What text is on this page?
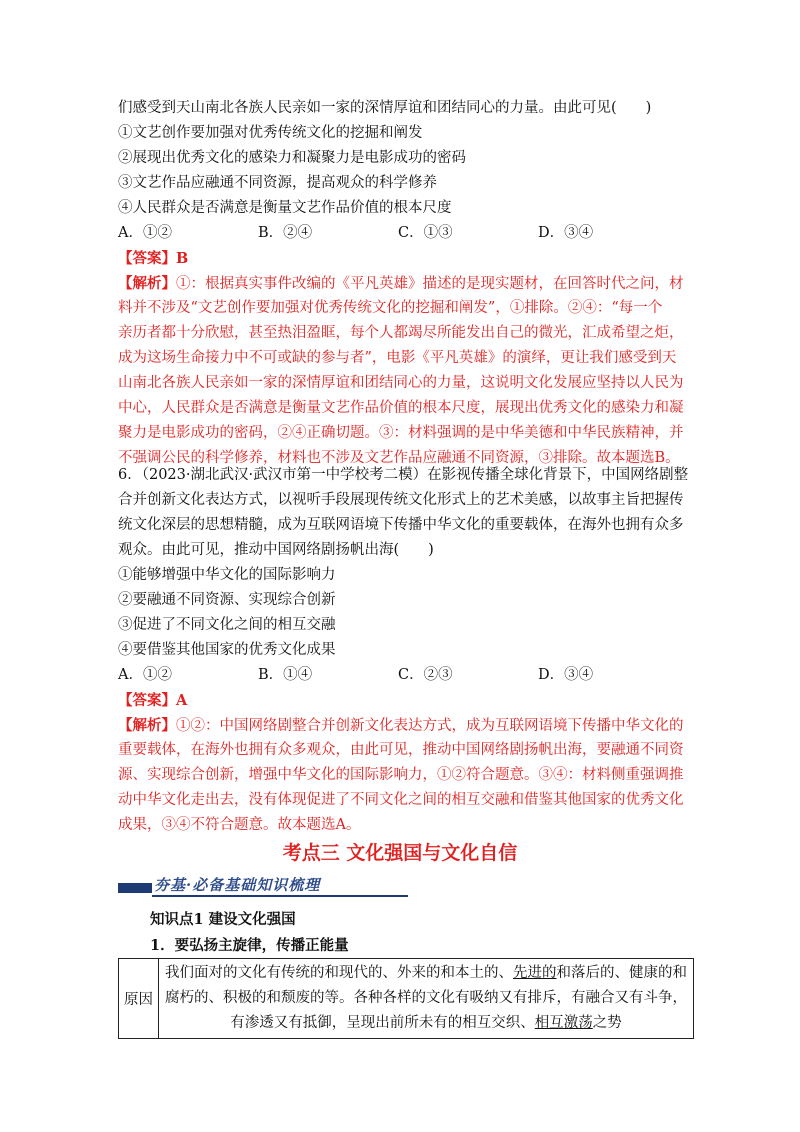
们感受到天山南北各族人民亲如一家的深情厚谊和团结同心的力量。由此可见(　　)
①文艺创作要加强对优秀传统文化的挖掘和阐发
②展现出优秀文化的感染力和凝聚力是电影成功的密码
③文艺作品应融通不同资源，提高观众的科学修养
④人民群众是否满意是衡量文艺作品价值的根本尺度
A．①②	B．②④	C．①③	D．③④
【答案】B
【解析】①：根据真实事件改编的《平凡英雄》描述的是现实题材，在回答时代之问，材
料并不涉及“文艺创作要加强对优秀传统文化的挖掘和阐发”，①排除。②④：“每一个
亲历者都十分欣慰，甚至热泪盈眶，每个人都竭尽所能发出自己的微光，汇成希望之炬，
成为这场生命接力中不可或缺的参与者”，电影《平凡英雄》的演绎，更让我们感受到天
山南北各族人民亲如一家的深情厚谊和团结同心的力量，这说明文化发展应坚持以人民为
中心，人民群众是否满意是衡量文艺作品价值的根本尺度，展现出优秀文化的感染力和凝
聚力是电影成功的密码，②④正确切题。③：材料强调的是中华美德和中华民族精神，并
不强调公民的科学修养，材料也不涉及文艺作品应融通不同资源，③排除。故本题选B。
6．（2023·湖北武汉·武汉市第一中学校考二模）在影视传播全球化背景下，中国网络剧整
合并创新文化表达方式，以视听手段展现传统文化形式上的艺术美感，以故事主旨把握传
统文化深层的思想精髓，成为互联网语境下传播中华文化的重要载体，在海外也拥有众多
观众。由此可见，推动中国网络剧扬帆出海(　　)
①能够增强中华文化的国际影响力
②要融通不同资源、实现综合创新
③促进了不同文化之间的相互交融
④要借鉴其他国家的优秀文化成果
A．①②	B．①④	C．②③	D．③④
【答案】A
【解析】①②：中国网络剧整合并创新文化表达方式，成为互联网语境下传播中华文化的
重要载体，在海外也拥有众多观众，由此可见，推动中国网络剧扬帆出海，要融通不同资
源、实现综合创新，增强中华文化的国际影响力，①②符合题意。③④：材料侧重强调推
动中华文化走出去，没有体现促进了不同文化之间的相互交融和借鉴其他国家的优秀文化
成果，③④不符合题意。故本题选A。
考点三 文化强国与文化自信
夯基·必备基础知识梳理
知识点1 建设文化强国
1．要弘扬主旋律，传播正能量
原因	
我们面对的文化有传统的和现代的、外来的和本土的、先进的和落后的、健康的和
腐朽的、积极的和颓废的等。各种各样的文化有吸纳又有排斥，有融合又有斗争，
有渗透又有抵御，呈现出前所未有的相互交织、相互激荡之势
